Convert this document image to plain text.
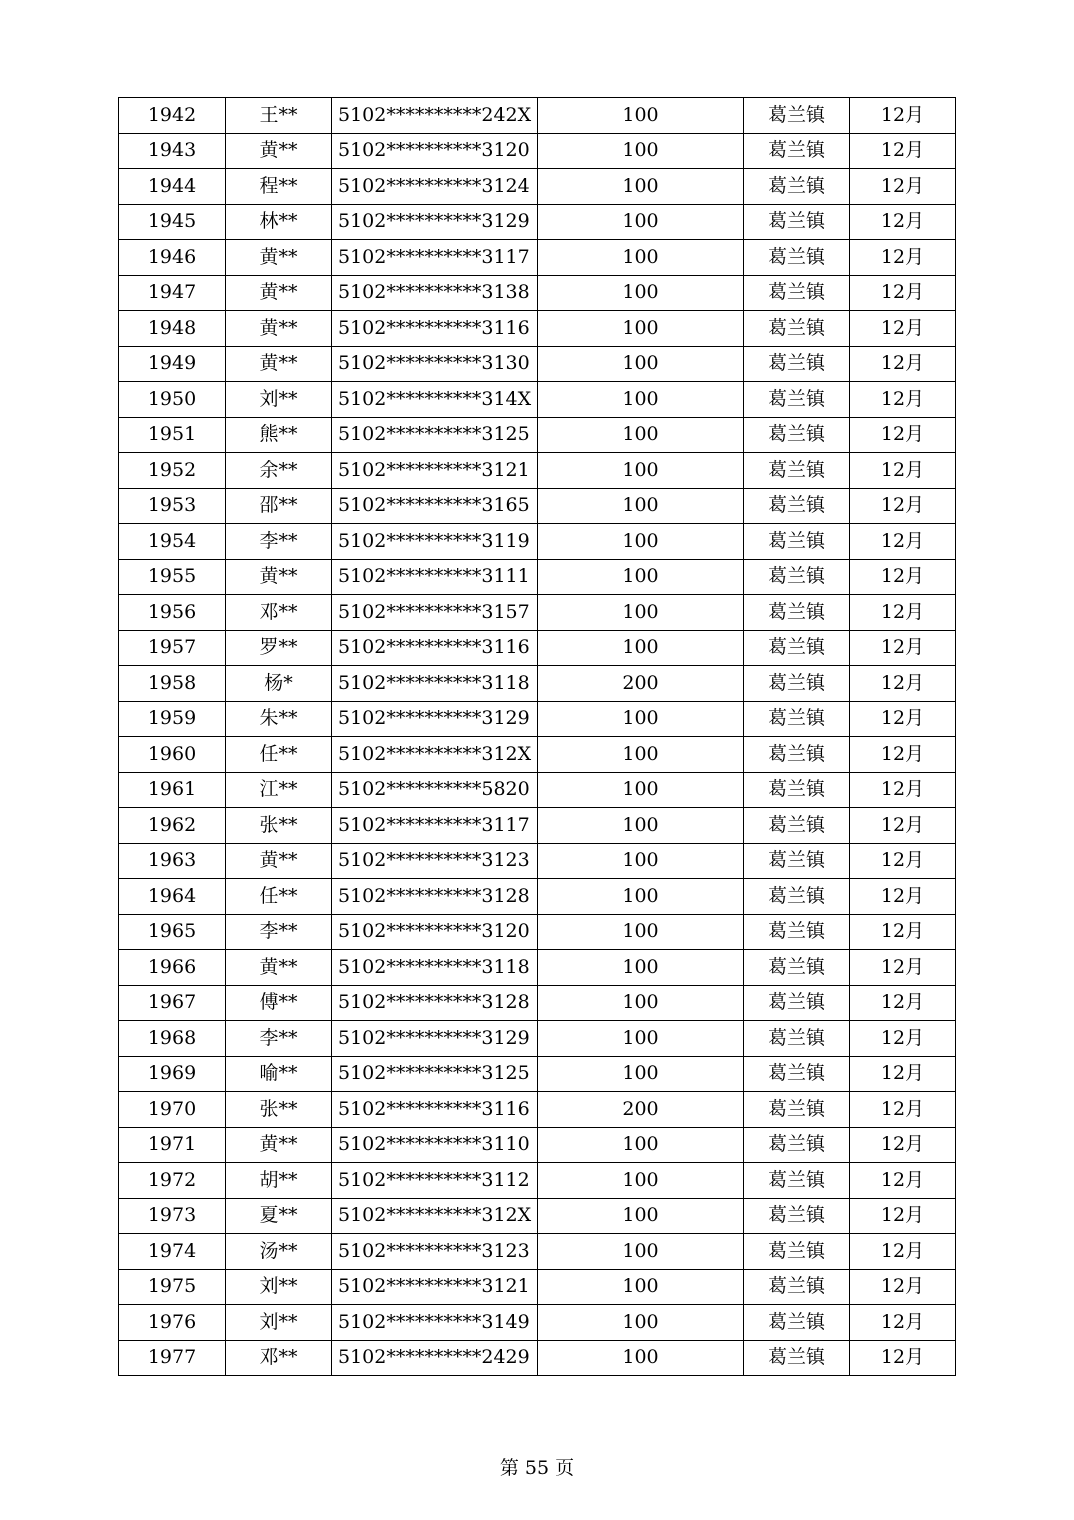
1942	王**	5102**********242X	100	葛兰镇	12月
1943	黄**	5102**********3120	100	葛兰镇	12月
1944	程**	5102**********3124	100	葛兰镇	12月
1945	林**	5102**********3129	100	葛兰镇	12月
1946	黄**	5102**********3117	100	葛兰镇	12月
1947	黄**	5102**********3138	100	葛兰镇	12月
1948	黄**	5102**********3116	100	葛兰镇	12月
1949	黄**	5102**********3130	100	葛兰镇	12月
1950	刘**	5102**********314X	100	葛兰镇	12月
1951	熊**	5102**********3125	100	葛兰镇	12月
1952	余**	5102**********3121	100	葛兰镇	12月
1953	邵**	5102**********3165	100	葛兰镇	12月
1954	李**	5102**********3119	100	葛兰镇	12月
1955	黄**	5102**********3111	100	葛兰镇	12月
1956	邓**	5102**********3157	100	葛兰镇	12月
1957	罗**	5102**********3116	100	葛兰镇	12月
1958	杨*	5102**********3118	200	葛兰镇	12月
1959	朱**	5102**********3129	100	葛兰镇	12月
1960	任**	5102**********312X	100	葛兰镇	12月
1961	江**	5102**********5820	100	葛兰镇	12月
1962	张**	5102**********3117	100	葛兰镇	12月
1963	黄**	5102**********3123	100	葛兰镇	12月
1964	任**	5102**********3128	100	葛兰镇	12月
1965	李**	5102**********3120	100	葛兰镇	12月
1966	黄**	5102**********3118	100	葛兰镇	12月
1967	傅**	5102**********3128	100	葛兰镇	12月
1968	李**	5102**********3129	100	葛兰镇	12月
1969	喻**	5102**********3125	100	葛兰镇	12月
1970	张**	5102**********3116	200	葛兰镇	12月
1971	黄**	5102**********3110	100	葛兰镇	12月
1972	胡**	5102**********3112	100	葛兰镇	12月
1973	夏**	5102**********312X	100	葛兰镇	12月
1974	汤**	5102**********3123	100	葛兰镇	12月
1975	刘**	5102**********3121	100	葛兰镇	12月
1976	刘**	5102**********3149	100	葛兰镇	12月
1977	邓**	5102**********2429	100	葛兰镇	12月
第 55 页
